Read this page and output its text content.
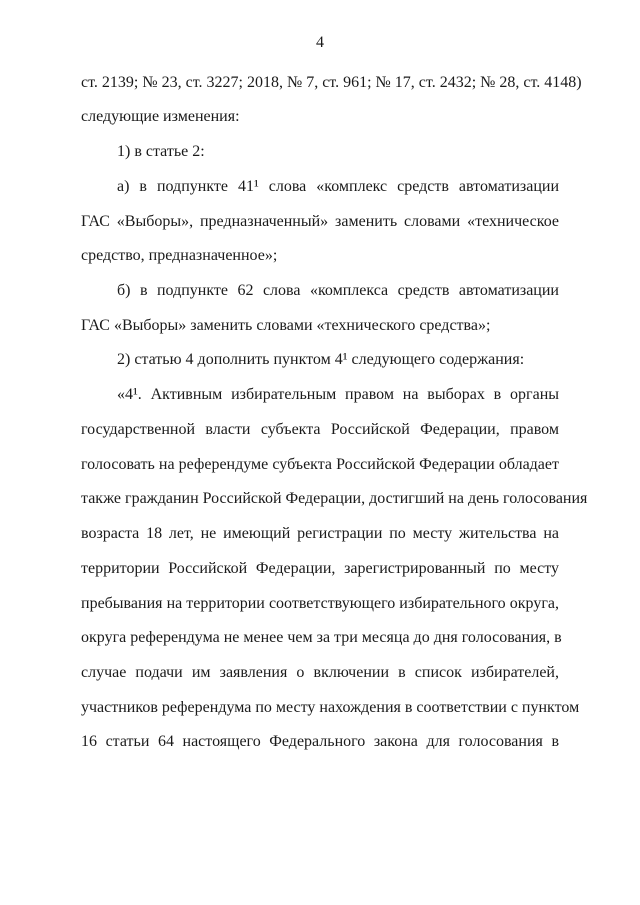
4
ст. 2139; № 23, ст. 3227; 2018, № 7, ст. 961; № 17, ст. 2432; № 28, ст. 4148)
следующие изменения:
1) в статье 2:
а) в подпункте 41¹ слова «комплекс средств автоматизации
ГАС «Выборы», предназначенный» заменить словами «техническое
средство, предназначенное»;
б) в подпункте 62 слова «комплекса средств автоматизации
ГАС «Выборы» заменить словами «технического средства»;
2) статью 4 дополнить пунктом 4¹ следующего содержания:
«4¹. Активным избирательным правом на выборах в органы
государственной власти субъекта Российской Федерации, правом
голосовать на референдуме субъекта Российской Федерации обладает
также гражданин Российской Федерации, достигший на день голосования
возраста 18 лет, не имеющий регистрации по месту жительства на
территории Российской Федерации, зарегистрированный по месту
пребывания на территории соответствующего избирательного округа,
округа референдума не менее чем за три месяца до дня голосования, в
случае подачи им заявления о включении в список избирателей,
участников референдума по месту нахождения в соответствии с пунктом
16 статьи 64 настоящего Федерального закона для голосования в
